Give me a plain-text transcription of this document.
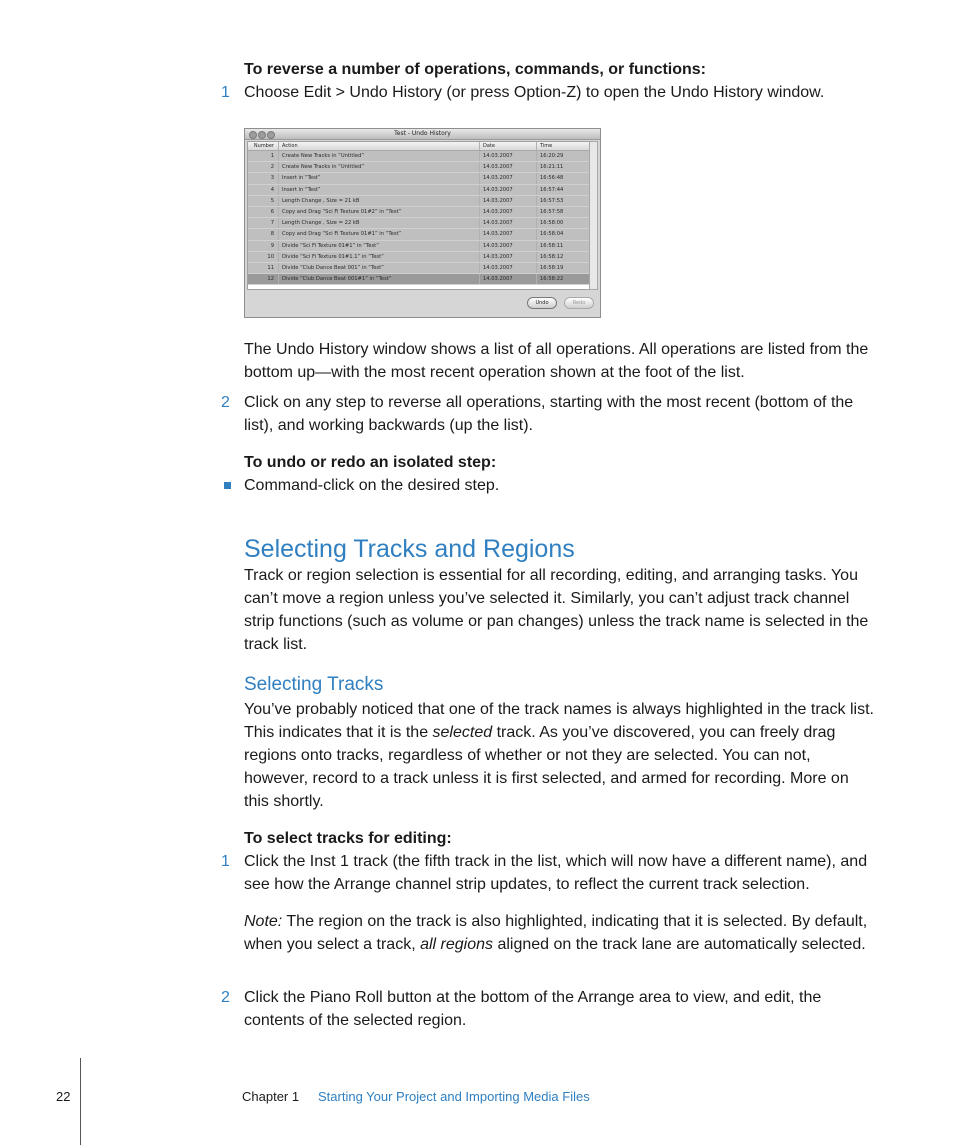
To reverse a number of operations, commands, or functions:
1 Choose Edit > Undo History (or press Option-Z) to open the Undo History window.
Test - Undo History
Number	Action	Date	Time
1	Create New Tracks in “Untitled”	14.03.2007	16:20:29
2	Create New Tracks in “Untitled”	14.03.2007	16:21:11
3	Insert in “Test”	14.03.2007	16:56:48
4	Insert in “Test”	14.03.2007	16:57:44
5	Length Change , Size = 21 kB	14.03.2007	16:57:53
6	Copy and Drag “Sci Fi Texture 01#2” in “Test”	14.03.2007	16:57:58
7	Length Change , Size = 22 kB	14.03.2007	16:58:00
8	Copy and Drag “Sci Fi Texture 01#1” in “Test”	14.03.2007	16:58:04
9	Divide “Sci Fi Texture 01#1” in “Test”	14.03.2007	16:58:11
10	Divide “Sci Fi Texture 01#1.1” in “Test”	14.03.2007	16:58:12
11	Divide “Club Dance Beat 001” in “Test”	14.03.2007	16:58:19
12	Divide “Club Dance Beat 001#1” in “Test”	14.03.2007	16:58:22
Undo	Redo
The Undo History window shows a list of all operations. All operations are listed from the bottom up—with the most recent operation shown at the foot of the list.
2 Click on any step to reverse all operations, starting with the most recent (bottom of the list), and working backwards (up the list).
To undo or redo an isolated step:
Command-click on the desired step.
Selecting Tracks and Regions
Track or region selection is essential for all recording, editing, and arranging tasks. You can’t move a region unless you’ve selected it. Similarly, you can’t adjust track channel strip functions (such as volume or pan changes) unless the track name is selected in the track list.
Selecting Tracks
You’ve probably noticed that one of the track names is always highlighted in the track list. This indicates that it is the selected track. As you’ve discovered, you can freely drag regions onto tracks, regardless of whether or not they are selected. You can not, however, record to a track unless it is first selected, and armed for recording. More on this shortly.
To select tracks for editing:
1 Click the Inst 1 track (the fifth track in the list, which will now have a different name), and see how the Arrange channel strip updates, to reflect the current track selection.
Note: The region on the track is also highlighted, indicating that it is selected. By default, when you select a track, all regions aligned on the track lane are automatically selected.
2 Click the Piano Roll button at the bottom of the Arrange area to view, and edit, the contents of the selected region.
22	Chapter 1 Starting Your Project and Importing Media Files
